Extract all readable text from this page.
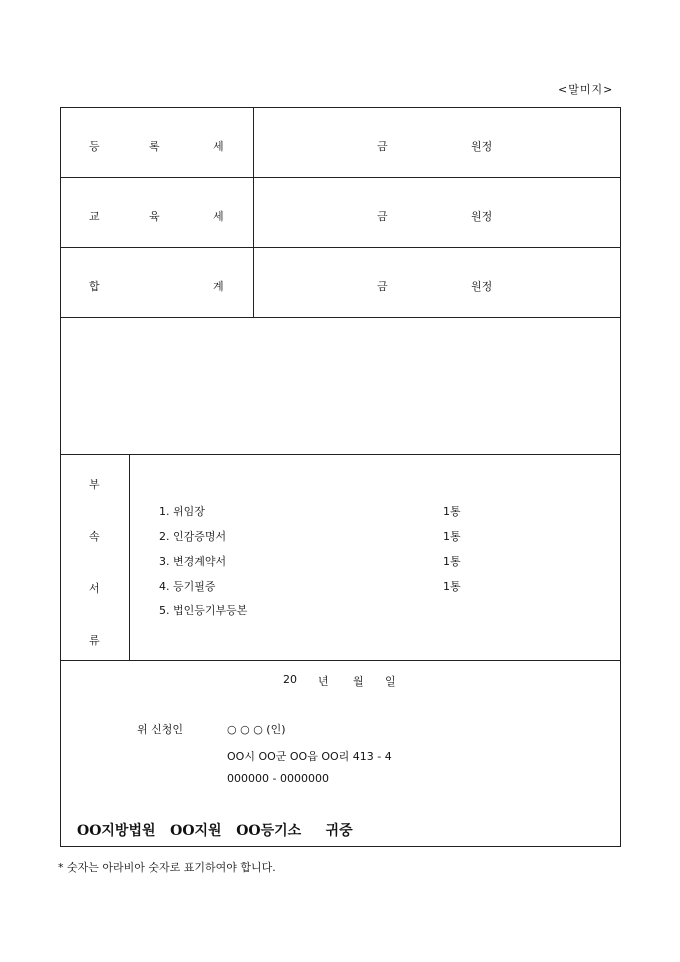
<말미지>
등	록	세	금	원정
교	육	세	금	원정
합	계	금	원정
부
속
서
류
1. 위임장	1통
2. 인감증명서	1통
3. 변경계약서	1통
4. 등기필증	1통
5. 법인등기부등본
20 년 월 일
위 신청인	○ ○ ○ (인)
OO시 OO군 OO읍 OO리 413 - 4
000000 - 0000000
OO지방법원 OO지원 OO등기소 귀중
* 숫자는 아라비아 숫자로 표기하여야 합니다.
